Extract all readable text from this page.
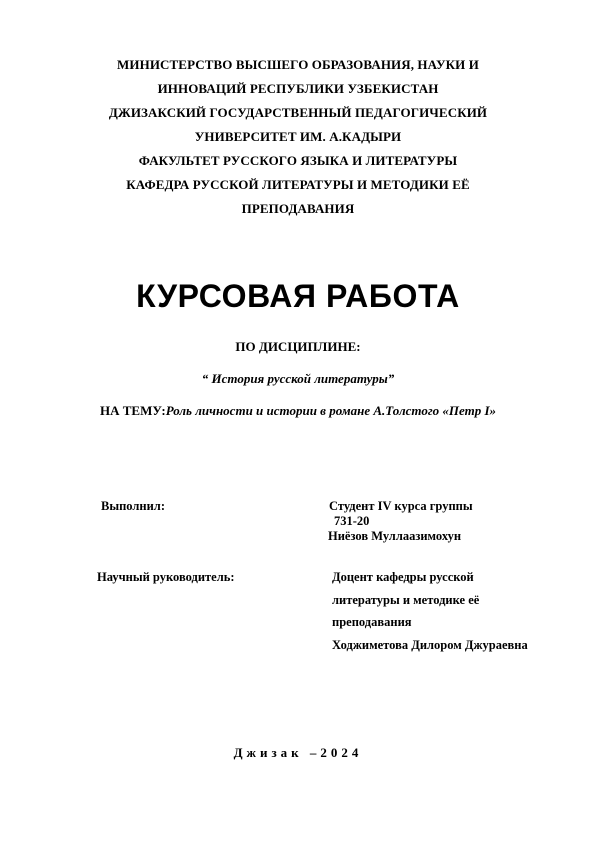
МИНИСТЕРСТВО ВЫСШЕГО ОБРАЗОВАНИЯ, НАУКИ И
ИННОВАЦИЙ РЕСПУБЛИКИ УЗБЕКИСТАН
ДЖИЗАКСКИЙ ГОСУДАРСТВЕННЫЙ ПЕДАГОГИЧЕСКИЙ
УНИВЕРСИТЕТ ИМ. А.КАДЫРИ
ФАКУЛЬТЕТ РУССКОГО ЯЗЫКА И ЛИТЕРАТУРЫ
КАФЕДРА РУССКОЙ ЛИТЕРАТУРЫ И МЕТОДИКИ ЕЁ
ПРЕПОДАВАНИЯ
КУРСОВАЯ РАБОТА
ПО ДИСЦИПЛИНЕ:
“ История русской литературы”
НА ТЕМУ:Роль личности и истории в романе А.Толстого «Петр I»
Выполнил:	Студент IV курса группы
731-20
Ниёзов Муллаазимохун
Научный руководитель:	Доцент кафедры русской
литературы и методике её
преподавания
Ходжиметова Дилором Джураевна
Джизак –2024
